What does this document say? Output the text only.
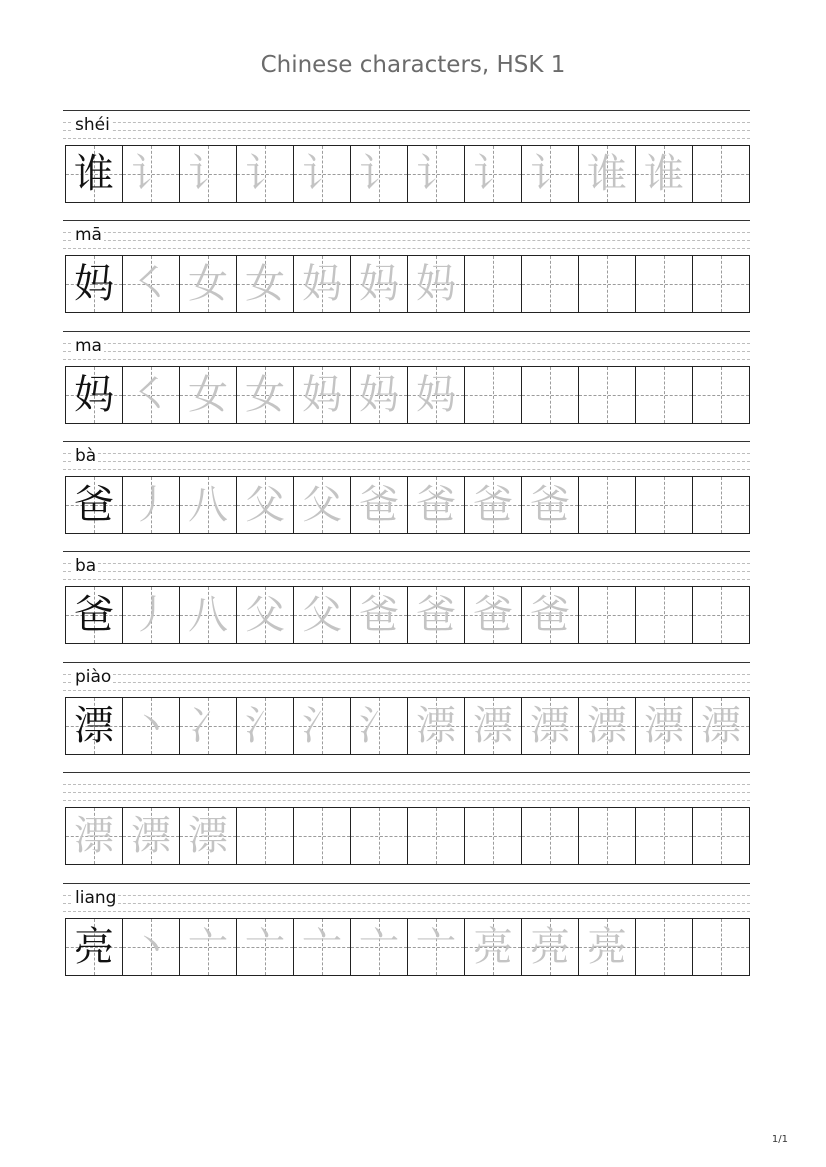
Chinese characters, HSK 1
shéi
谁 讠 讠 讠 讠 讠 讠 讠 讠 谁 谁
mā
妈 ㇛ 女 女 妈 妈 妈
ma
妈 ㇛ 女 女 妈 妈 妈
bà
爸 丿 八 父 父 爸 爸 爸 爸
ba
爸 丿 八 父 父 爸 爸 爸 爸
piào
漂 丶 冫 氵 氵 氵 漂 漂 漂 漂 漂 漂
漂 漂 漂
liang
亮 丶 亠 亠 亠 亠 亠 亮 亮 亮
1/1
